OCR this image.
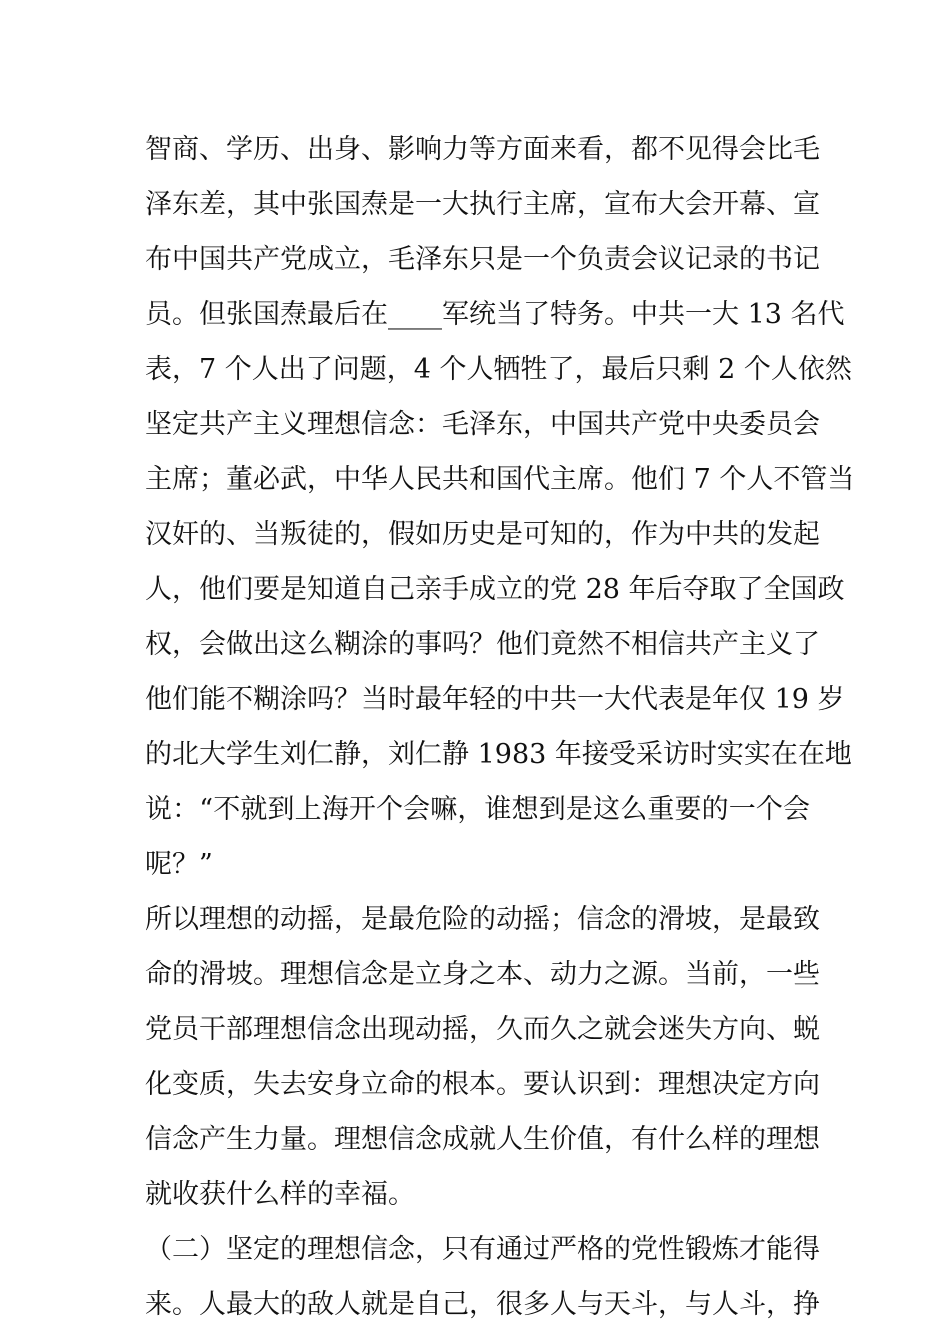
智商、学历、出身、影响力等方面来看，都不见得会比毛
泽东差，其中张国焘是一大执行主席，宣布大会开幕、宣
布中国共产党成立，毛泽东只是一个负责会议记录的书记
员。但张国焘最后在____军统当了特务。中共一大 13 名代
表，7 个人出了问题，4 个人牺牲了，最后只剩 2 个人依然
坚定共产主义理想信念：毛泽东，中国共产党中央委员会
主席；董必武，中华人民共和国代主席。他们 7 个人不管当
汉奸的、当叛徒的，假如历史是可知的，作为中共的发起
人，他们要是知道自己亲手成立的党 28 年后夺取了全国政
权，会做出这么糊涂的事吗？他们竟然不相信共产主义了
他们能不糊涂吗？当时最年轻的中共一大代表是年仅 19 岁
的北大学生刘仁静，刘仁静 1983 年接受采访时实实在在地
说：“不就到上海开个会嘛，谁想到是这么重要的一个会
呢？”
所以理想的动摇，是最危险的动摇；信念的滑坡，是最致
命的滑坡。理想信念是立身之本、动力之源。当前，一些
党员干部理想信念出现动摇，久而久之就会迷失方向、蜕
化变质，失去安身立命的根本。要认识到：理想决定方向
信念产生力量。理想信念成就人生价值，有什么样的理想
就收获什么样的幸福。
（二）坚定的理想信念，只有通过严格的党性锻炼才能得
来。人最大的敌人就是自己，很多人与天斗，与人斗，挣
